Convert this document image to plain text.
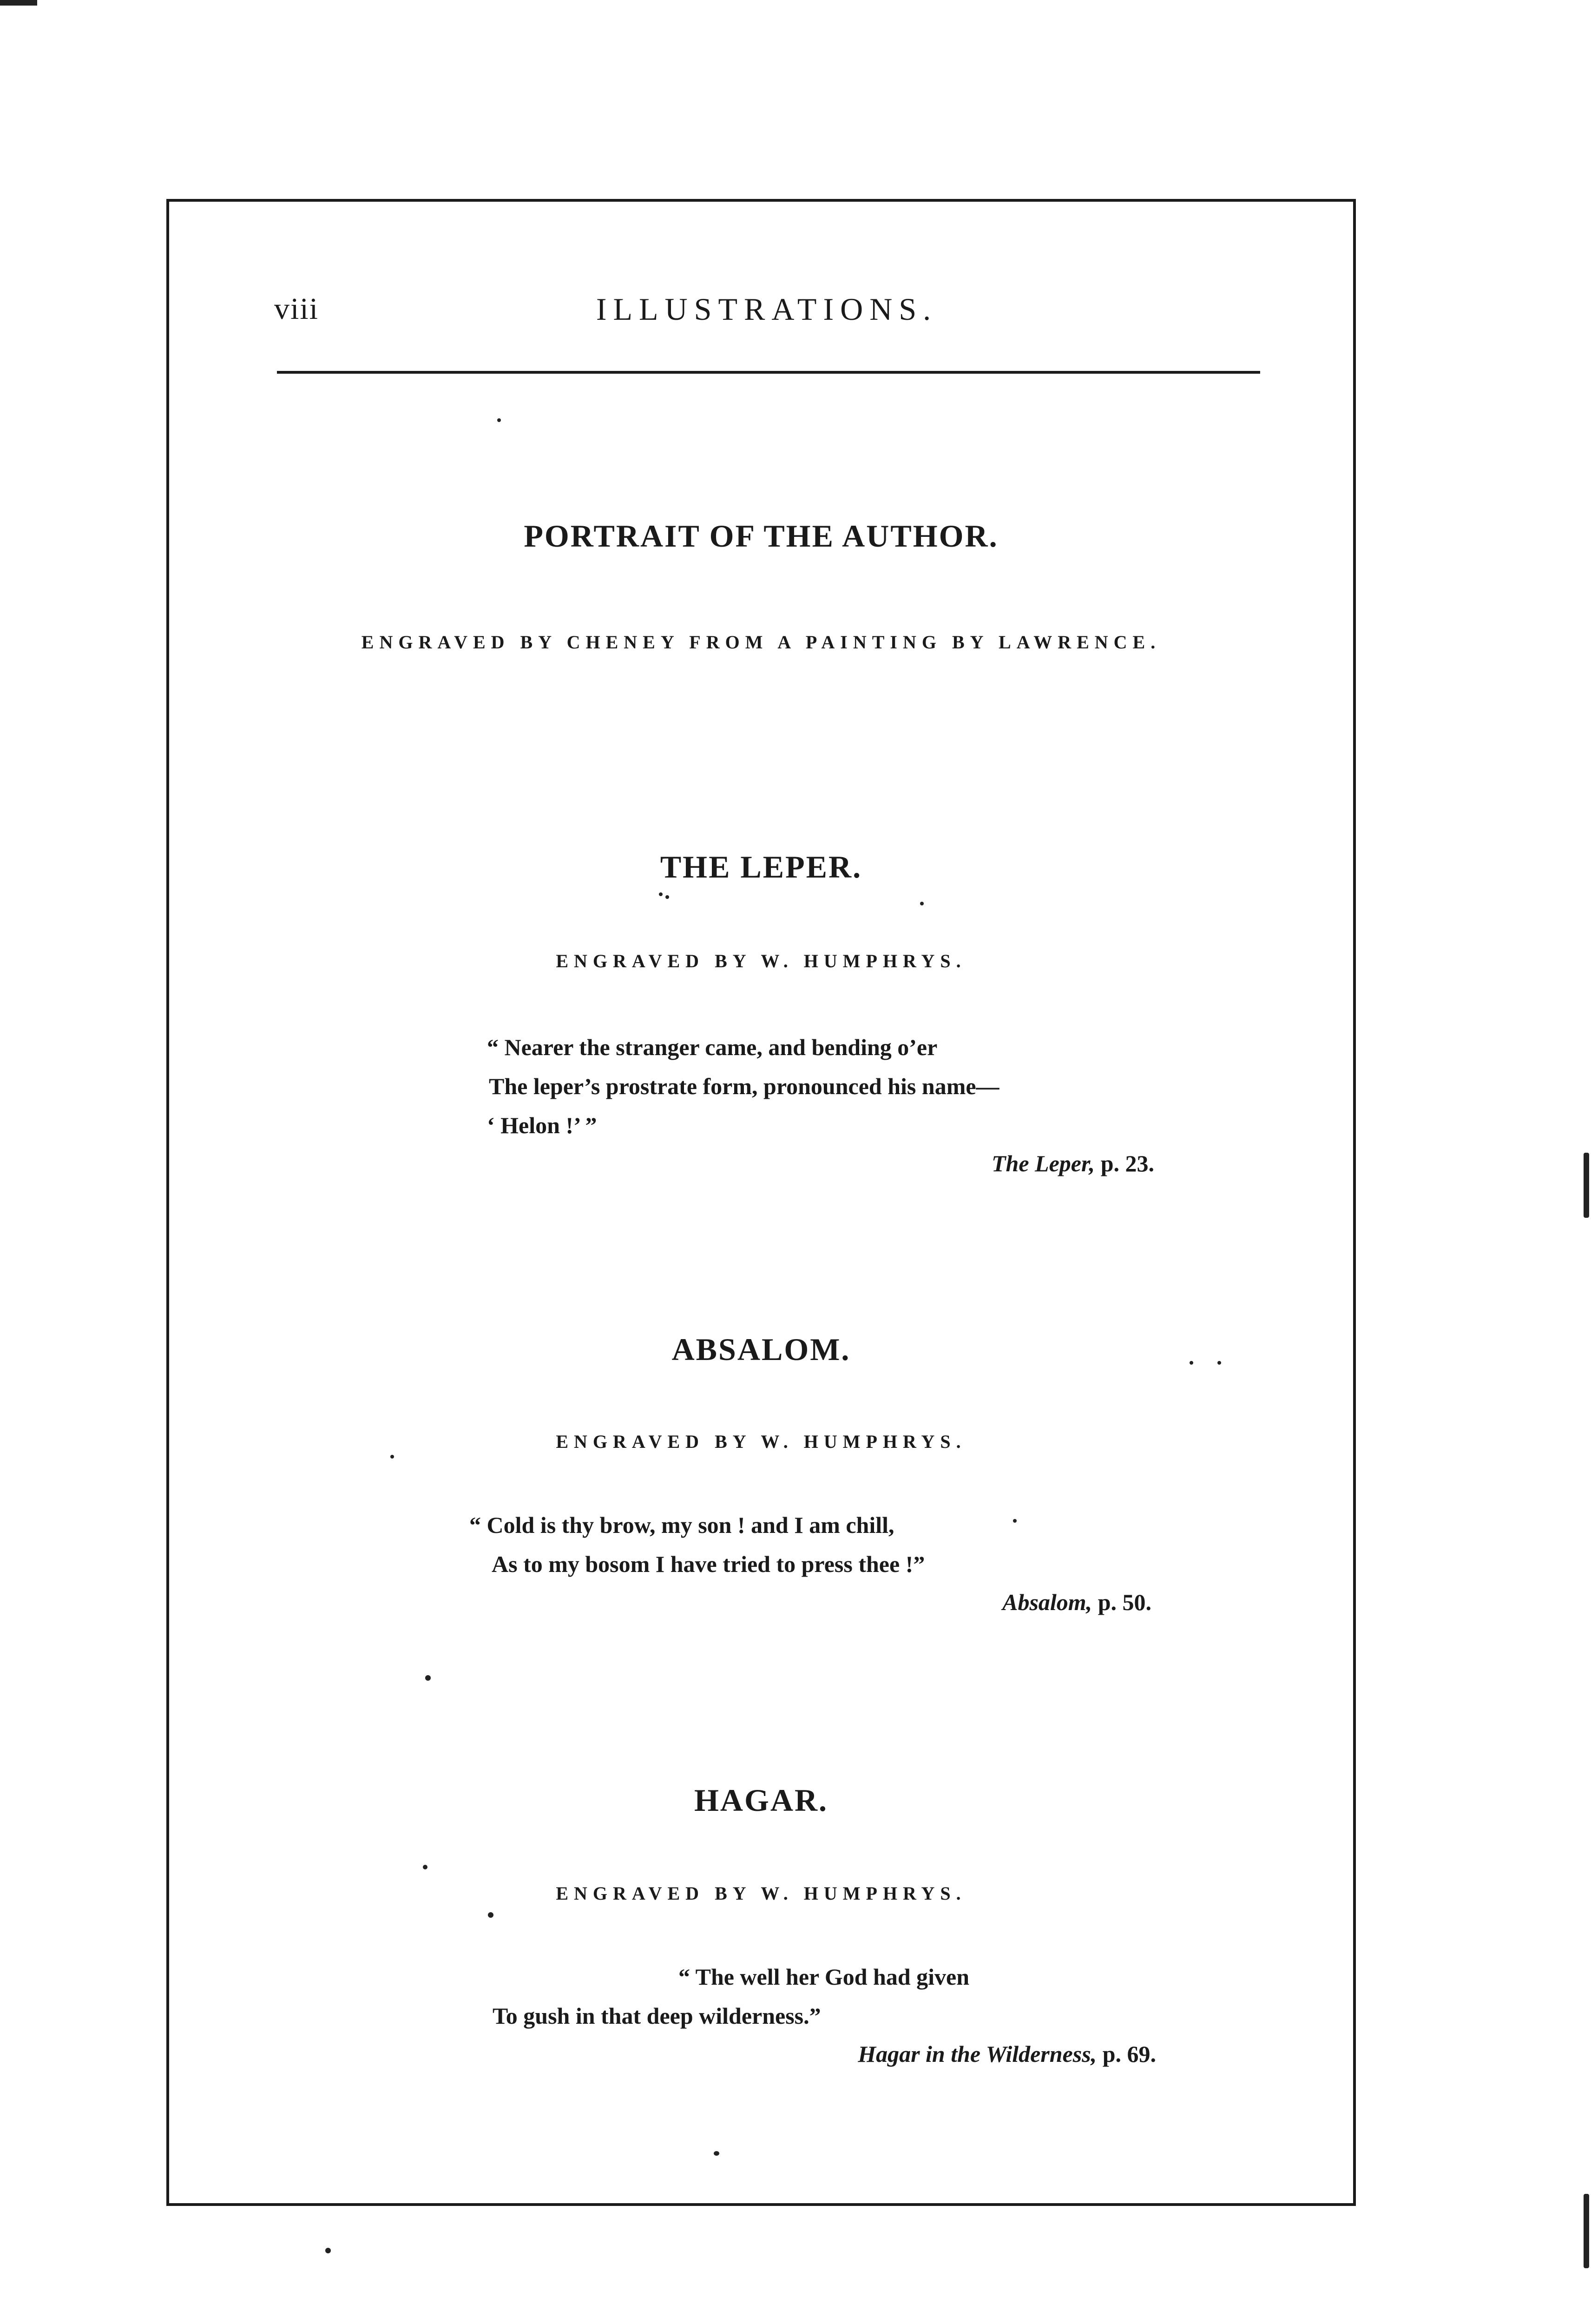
viii	ILLUSTRATIONS.
PORTRAIT OF THE AUTHOR.
ENGRAVED BY CHENEY FROM A PAINTING BY LAWRENCE.
THE LEPER.
ENGRAVED BY W. HUMPHRYS.
“ Nearer the stranger came, and bending o’er
The leper’s prostrate form, pronounced his name—
‘ Helon !’ ”
The Leper, p. 23.
ABSALOM.
ENGRAVED BY W. HUMPHRYS.
“ Cold is thy brow, my son ! and I am chill,
As to my bosom I have tried to press thee !”
Absalom, p. 50.
HAGAR.
ENGRAVED BY W. HUMPHRYS.
“ The well her God had given
To gush in that deep wilderness.”
Hagar in the Wilderness, p. 69.
